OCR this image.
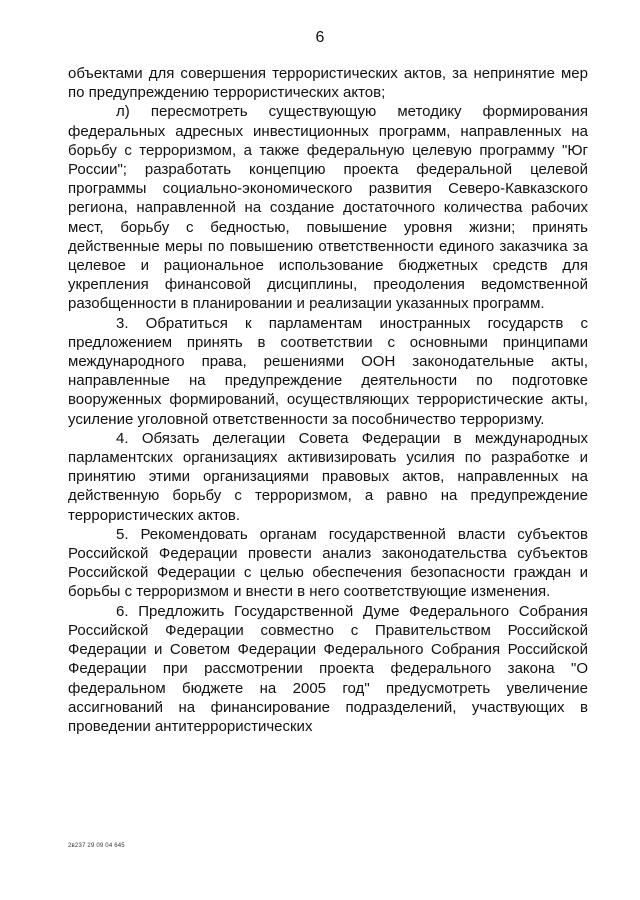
6

объектами для совершения террористических актов, за непринятие мер по предупреждению террористических актов;

л) пересмотреть существующую методику формирования федеральных адресных инвестиционных программ, направленных на борьбу с терроризмом, а также федеральную целевую программу "Юг России"; разработать концепцию проекта федеральной целевой программы социально-экономического развития Северо-Кавказского региона, направленной на создание достаточного количества рабочих мест, борьбу с бедностью, повышение уровня жизни; принять действенные меры по повышению ответственности единого заказчика за целевое и рациональное использование бюджетных средств для укрепления финансовой дисциплины, преодоления ведомственной разобщенности в планировании и реализации указанных программ.

3. Обратиться к парламентам иностранных государств с предложением принять в соответствии с основными принципами международного права, решениями ООН законодательные акты, направленные на предупреждение деятельности по подготовке вооруженных формирований, осуществляющих террористические акты, усиление уголовной ответственности за пособничество терроризму.

4. Обязать делегации Совета Федерации в международных парламентских организациях активизировать усилия по разработке и принятию этими организациями правовых актов, направленных на действенную борьбу с терроризмом, а равно на предупреждение террористических актов.

5. Рекомендовать органам государственной власти субъектов Российской Федерации провести анализ законодательства субъектов Российской Федерации с целью обеспечения безопасности граждан и борьбы с терроризмом и внести в него соответствующие изменения.

6. Предложить Государственной Думе Федерального Собрания Российской Федерации совместно с Правительством Российской Федерации и Советом Федерации Федерального Собрания Российской Федерации при рассмотрении проекта федерального закона "О федеральном бюджете на 2005 год" предусмотреть увеличение ассигнований на финансирование подразделений, участвующих в проведении антитеррористических

2в237 29 09 04 645
